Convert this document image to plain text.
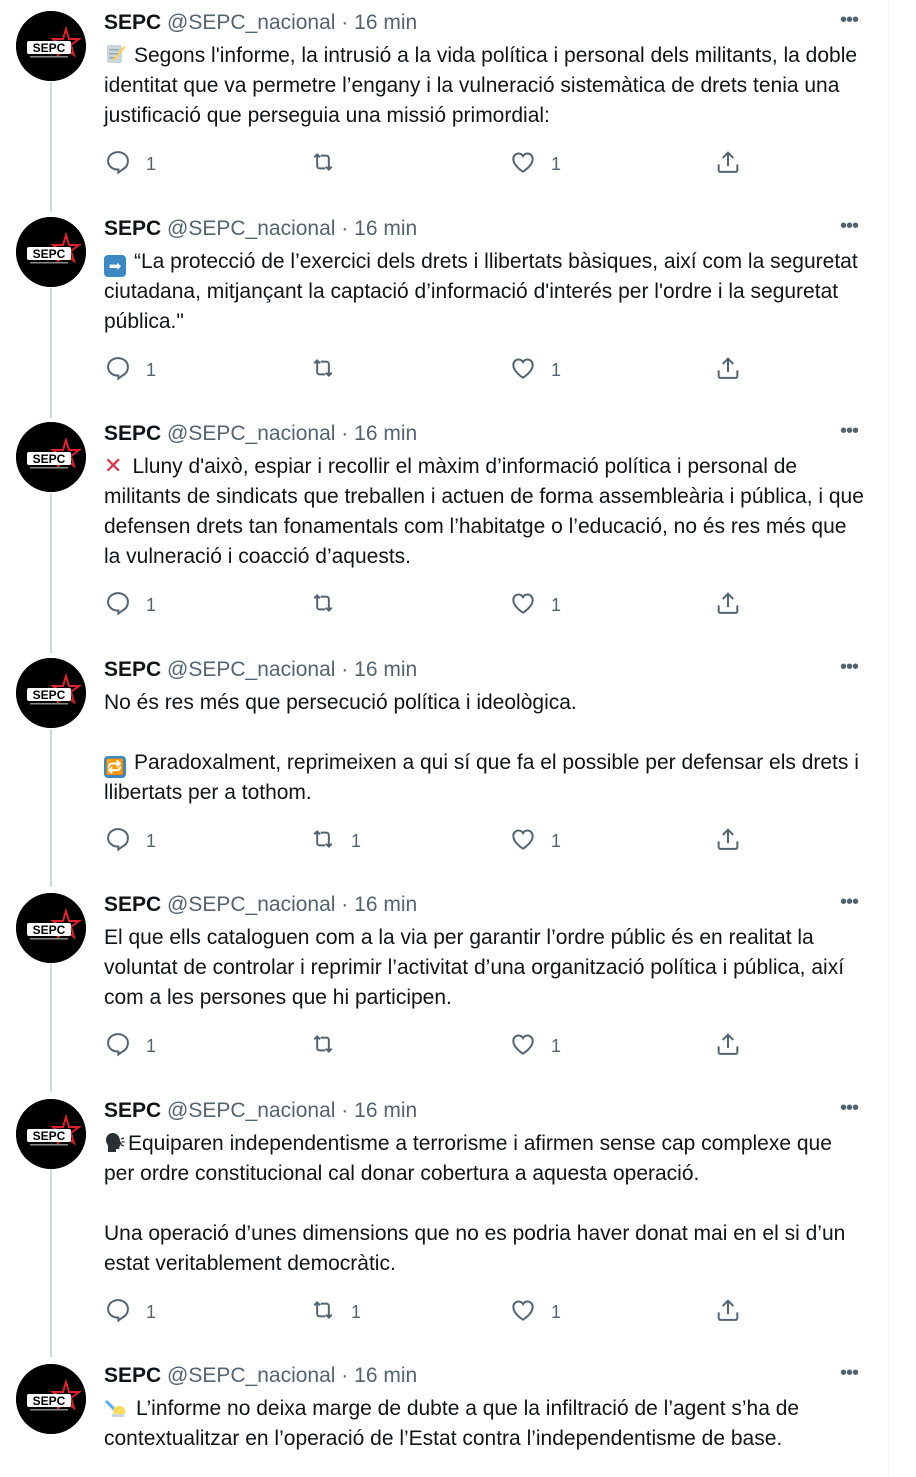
SEPC
SEPC @SEPC_nacional · 16 min	•••

Segons l'informe, la intrusió a la vida política i personal dels militants, la doble identitat que va permetre l’engany i la vulneració sistemàtica de drets tenia una justificació que perseguia una missió primordial:

1	1
SEPC
SEPC @SEPC_nacional · 16 min	•••

➡ “La protecció de l’exercici dels drets i llibertats bàsiques, així com la seguretat ciutadana, mitjançant la captació d’informació d'interés per l'ordre i la seguretat pública."

1	1
SEPC
SEPC @SEPC_nacional · 16 min	•••

✕ Lluny d'això, espiar i recollir el màxim d’informació política i personal de militants de sindicats que treballen i actuen de forma assembleària i pública, i que defensen drets tan fonamentals com l’habitatge o l’educació, no és res més que la vulneració i coacció d’aquests.

1	1
SEPC
SEPC @SEPC_nacional · 16 min	•••

No és res més que persecució política i ideològica.

🔁 Paradoxalment, reprimeixen a qui sí que fa el possible per defensar els drets i llibertats per a tothom.

1	1	1
SEPC
SEPC @SEPC_nacional · 16 min	•••

El que ells cataloguen com a la via per garantir l’ordre públic és en realitat la voluntat de controlar i reprimir l’activitat d’una organització política i pública, així com a les persones que hi participen.

1	1
SEPC
SEPC @SEPC_nacional · 16 min	•••

Equiparen independentisme a terrorisme i afirmen sense cap complexe que per ordre constitucional cal donar cobertura a aquesta operació.

Una operació d’unes dimensions que no es podria haver donat mai en el si d’un estat veritablement democràtic.

1	1	1
SEPC
SEPC @SEPC_nacional · 16 min	•••

L’informe no deixa marge de dubte a que la infiltració de l’agent s’ha de contextualitzar en l’operació de l’Estat contra l’independentisme de base.
